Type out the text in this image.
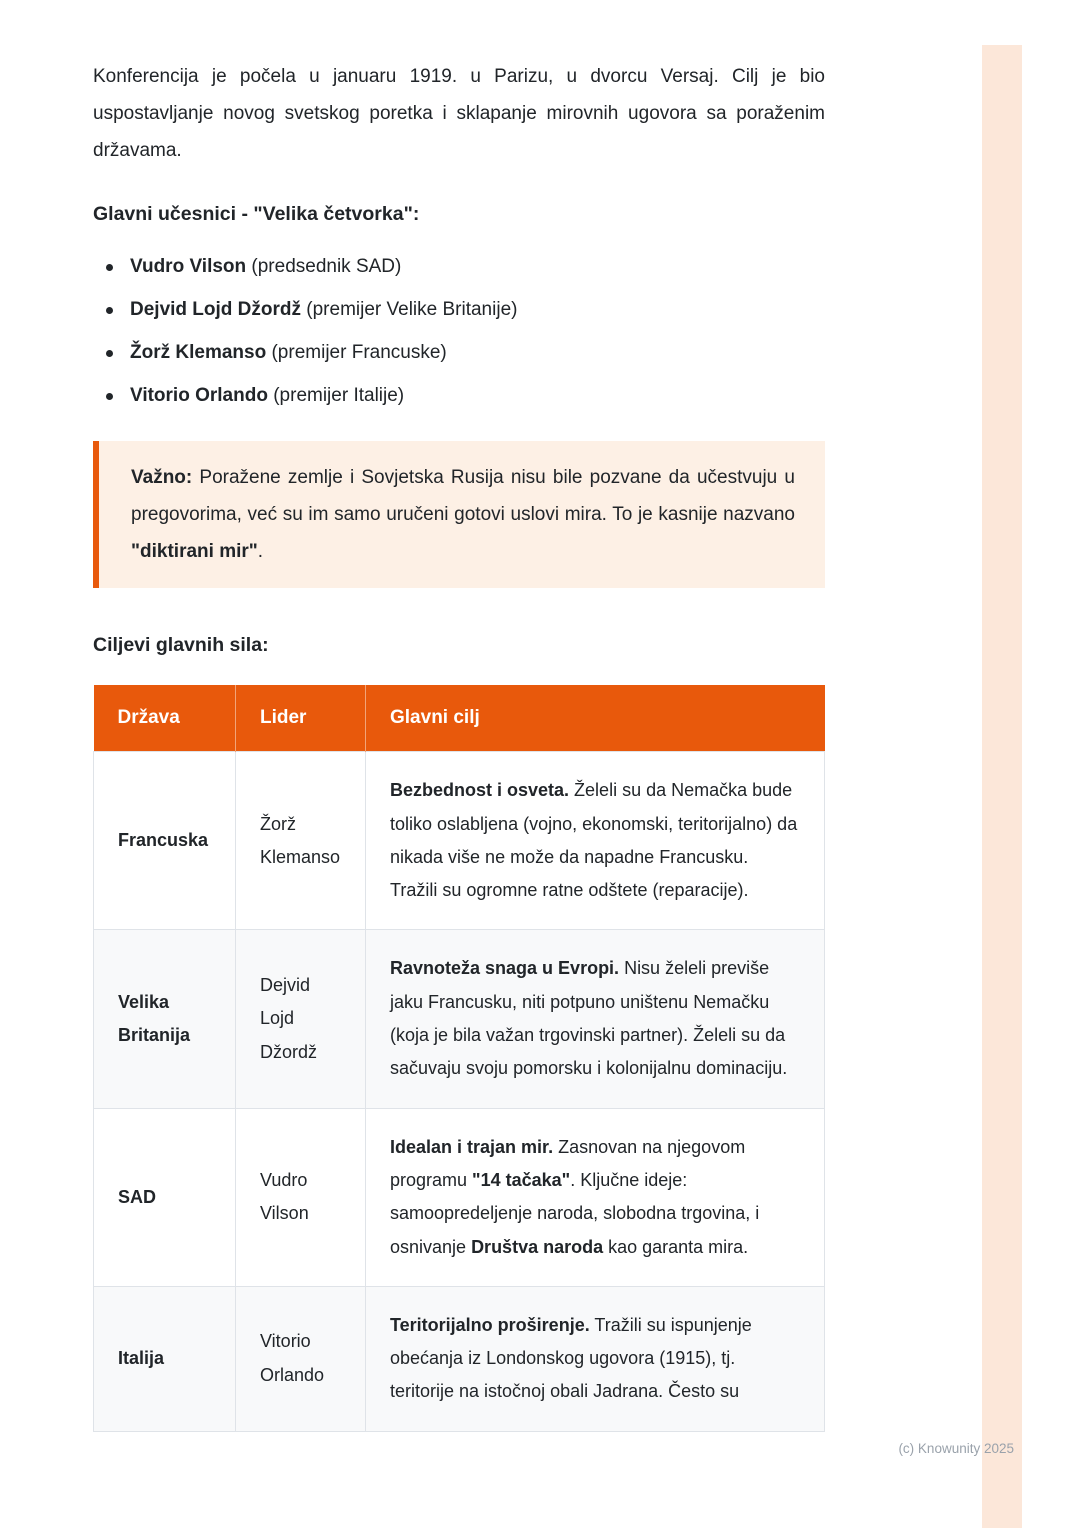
Konferencija je počela u januaru 1919. u Parizu, u dvorcu Versaj. Cilj je bio uspostavljanje novog svetskog poretka i sklapanje mirovnih ugovora sa poraženim državama.

Glavni učesnici - "Velika četvorka":
Vudro Vilson (predsednik SAD)
Dejvid Lojd Džordž (premijer Velike Britanije)
Žorž Klemanso (premijer Francuske)
Vitorio Orlando (premijer Italije)

Važno: Poražene zemlje i Sovjetska Rusija nisu bile pozvane da učestvuju u pregovorima, već su im samo uručeni gotovi uslovi mira. To je kasnije nazvano "diktirani mir".

Ciljevi glavnih sila:
Država	Lider	Glavni cilj
Francuska	Žorž Klemanso	Bezbednost i osveta. Želeli su da Nemačka bude toliko oslabljena (vojno, ekonomski, teritorijalno) da nikada više ne može da napadne Francusku. Tražili su ogromne ratne odštete (reparacije).
Velika Britanija	Dejvid Lojd Džordž	Ravnoteža snaga u Evropi. Nisu želeli previše jaku Francusku, niti potpuno uništenu Nemačku (koja je bila važan trgovinski partner). Želeli su da sačuvaju svoju pomorsku i kolonijalnu dominaciju.
SAD	Vudro Vilson	Idealan i trajan mir. Zasnovan na njegovom programu "14 tačaka". Ključne ideje: samoopredeljenje naroda, slobodna trgovina, i osnivanje Društva naroda kao garanta mira.
Italija	Vitorio Orlando	Teritorijalno proširenje. Tražili su ispunjenje obećanja iz Londonskog ugovora (1915), tj. teritorije na istočnoj obali Jadrana. Često su
(c) Knowunity 2025
